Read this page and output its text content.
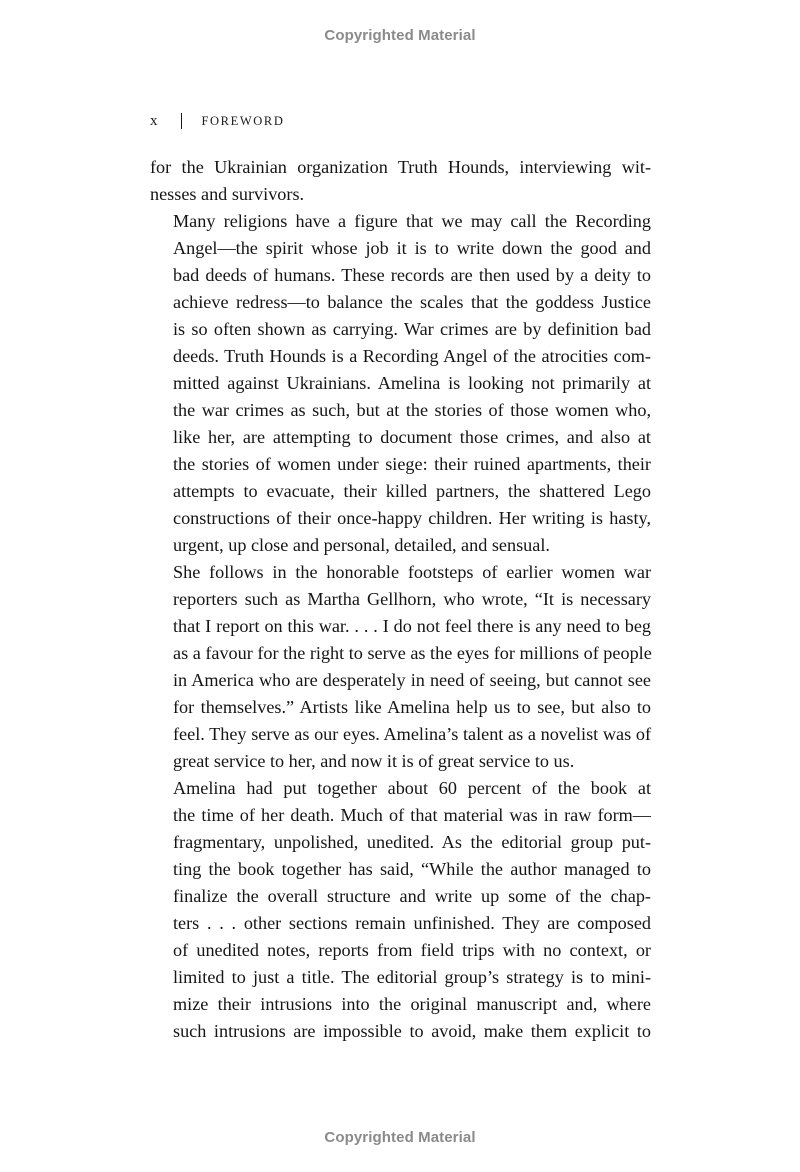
Copyrighted Material
x	FOREWORD

for the Ukrainian organization Truth Hounds, interviewing wit-
nesses and survivors.

Many religions have a figure that we may call the Recording
Angel—the spirit whose job it is to write down the good and
bad deeds of humans. These records are then used by a deity to
achieve redress—to balance the scales that the goddess Justice
is so often shown as carrying. War crimes are by definition bad
deeds. Truth Hounds is a Recording Angel of the atrocities com-
mitted against Ukrainians. Amelina is looking not primarily at
the war crimes as such, but at the stories of those women who,
like her, are attempting to document those crimes, and also at
the stories of women under siege: their ruined apartments, their
attempts to evacuate, their killed partners, the shattered Lego
constructions of their once-happy children. Her writing is hasty,
urgent, up close and personal, detailed, and sensual.

She follows in the honorable footsteps of earlier women war
reporters such as Martha Gellhorn, who wrote, “It is necessary
that I report on this war. . . . I do not feel there is any need to beg
as a favour for the right to serve as the eyes for millions of people
in America who are desperately in need of seeing, but cannot see
for themselves.” Artists like Amelina help us to see, but also to
feel. They serve as our eyes. Amelina’s talent as a novelist was of
great service to her, and now it is of great service to us.

Amelina had put together about 60 percent of the book at
the time of her death. Much of that material was in raw form—
fragmentary, unpolished, unedited. As the editorial group put-
ting the book together has said, “While the author managed to
finalize the overall structure and write up some of the chap-
ters . . . other sections remain unfinished. They are composed
of unedited notes, reports from field trips with no context, or
limited to just a title. The editorial group’s strategy is to mini-
mize their intrusions into the original manuscript and, where
such intrusions are impossible to avoid, make them explicit to

Copyrighted Material
